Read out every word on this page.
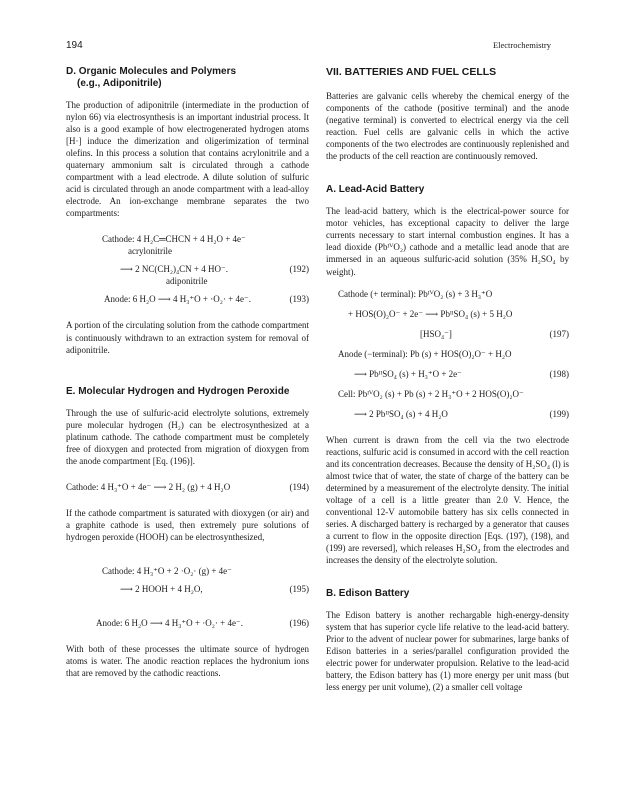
194	Electrochemistry
D. Organic Molecules and Polymers
(e.g., Adiponitrile)

The production of adiponitrile (intermediate in the production of nylon 66) via electrosynthesis is an important industrial process. It also is a good example of how electrogenerated hydrogen atoms [H·] induce the dimerization and oligerimization of terminal olefins. In this process a solution that contains acrylonitrile and a quaternary ammonium salt is circulated through a cathode compartment with a lead electrode. A dilute solution of sulfuric acid is circulated through an anode compartment with a lead-alloy electrode. An ion-exchange membrane separates the two compartments:

Cathode: 4 H₂C═CHCN + 4 H₂O + 4e⁻
acrylonitrile
⟶ 2 NC(CH₂)₄CN + 4 HO⁻.	(192)
adiponitrile
Anode: 6 H₂O ⟶ 4 H₃⁺O + ·O₂· + 4e⁻.	(193)

A portion of the circulating solution from the cathode compartment is continuously withdrawn to an extraction system for removal of adiponitrile.

E. Molecular Hydrogen and Hydrogen Peroxide

Through the use of sulfuric-acid electrolyte solutions, extremely pure molecular hydrogen (H₂) can be electrosynthesized at a platinum cathode. The cathode compartment must be completely free of dioxygen and protected from migration of dioxygen from the anode compartment [Eq. (196)].

Cathode: 4 H₃⁺O + 4e⁻ ⟶ 2 H₂ (g) + 4 H₂O	(194)

If the cathode compartment is saturated with dioxygen (or air) and a graphite cathode is used, then extremely pure solutions of hydrogen peroxide (HOOH) can be electrosynthesized,

Cathode: 4 H₃⁺O + 2 ·O₂· (g) + 4e⁻
⟶ 2 HOOH + 4 H₂O,	(195)
Anode: 6 H₂O ⟶ 4 H₃⁺O + ·O₂· + 4e⁻.	(196)

With both of these processes the ultimate source of hydrogen atoms is water. The anodic reaction replaces the hydronium ions that are removed by the cathodic reactions.

VII. BATTERIES AND FUEL CELLS

Batteries are galvanic cells whereby the chemical energy of the components of the cathode (positive terminal) and the anode (negative terminal) is converted to electrical energy via the cell reaction. Fuel cells are galvanic cells in which the active components of the two electrodes are continuously replenished and the products of the cell reaction are continuously removed.

A. Lead-Acid Battery

The lead-acid battery, which is the electrical-power source for motor vehicles, has exceptional capacity to deliver the large currents necessary to start internal combustion engines. It has a lead dioxide (PbᴵⱽO₂) cathode and a metallic lead anode that are immersed in an aqueous sulfuric-acid solution (35% H₂SO₄ by weight).

Cathode (+ terminal): PbᴵⱽO₂ (s) + 3 H₃⁺O
+ HOS(O)₂O⁻ + 2e⁻ ⟶ PbᴵᴵSO₄ (s) + 5 H₂O
[HSO₄⁻]	(197)
Anode (−terminal): Pb (s) + HOS(O)₂O⁻ + H₂O
⟶ PbᴵᴵSO₄ (s) + H₃⁺O + 2e⁻	(198)
Cell: PbᴵⱽO₂ (s) + Pb (s) + 2 H₃⁺O + 2 HOS(O)₂O⁻
⟶ 2 PbᴵᴵSO₄ (s) + 4 H₂O	(199)

When current is drawn from the cell via the two electrode reactions, sulfuric acid is consumed in accord with the cell reaction and its concentration decreases. Because the density of H₂SO₄ (l) is almost twice that of water, the state of charge of the battery can be determined by a measurement of the electrolyte density. The initial voltage of a cell is a little greater than 2.0 V. Hence, the conventional 12-V automobile battery has six cells connected in series. A discharged battery is recharged by a generator that causes a current to flow in the opposite direction [Eqs. (197), (198), and (199) are reversed], which releases H₂SO₄ from the electrodes and increases the density of the electrolyte solution.

B. Edison Battery

The Edison battery is another rechargable high-energy-density system that has superior cycle life relative to the lead-acid battery. Prior to the advent of nuclear power for submarines, large banks of Edison batteries in a series/parallel configuration provided the electric power for underwater propulsion. Relative to the lead-acid battery, the Edison battery has (1) more energy per unit mass (but less energy per unit volume), (2) a smaller cell voltage
